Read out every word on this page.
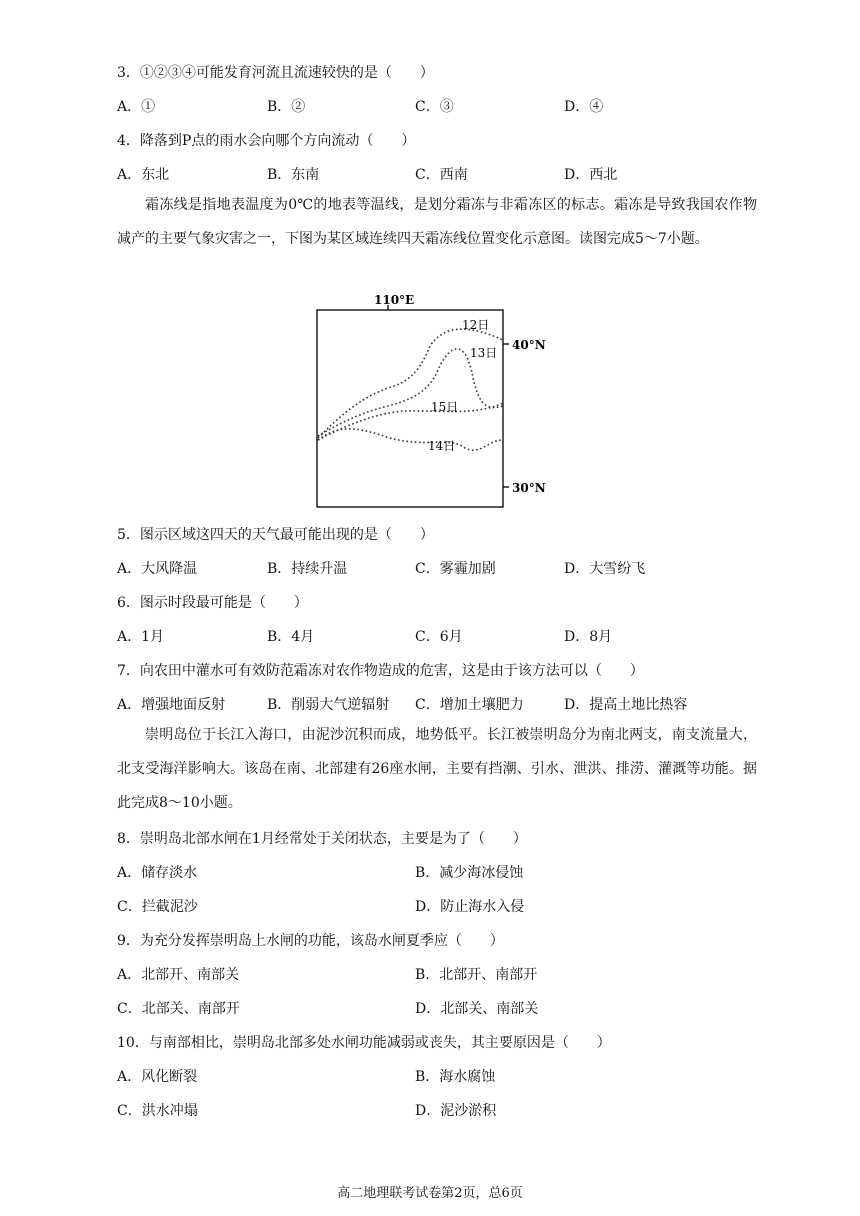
3．①②③④可能发育河流且流速较快的是（　　）
A．①	B．②	C．③	D．④
4．降落到P点的雨水会向哪个方向流动（　　）
A．东北	B．东南	C．西南	D．西北

霜冻线是指地表温度为0℃的地表等温线，是划分霜冻与非霜冻区的标志。霜冻是导致我国农作物减产的主要气象灾害之一，下图为某区域连续四天霜冻线位置变化示意图。读图完成5～7小题。

110°E
40°N
30°N
12日
13日
15日
14日
5．图示区域这四天的天气最可能出现的是（　　）
A．大风降温	B．持续升温	C．雾霾加剧	D．大雪纷飞
6．图示时段最可能是（　　）
A．1月	B．4月	C．6月	D．8月
7．向农田中灌水可有效防范霜冻对农作物造成的危害，这是由于该方法可以（　　）
A．增强地面反射	B．削弱大气逆辐射 C．增加土壤肥力	D．提高土地比热容

崇明岛位于长江入海口，由泥沙沉积而成，地势低平。长江被崇明岛分为南北两支，南支流量大，北支受海洋影响大。该岛在南、北部建有26座水闸，主要有挡潮、引水、泄洪、排涝、灌溉等功能。据此完成8～10小题。

8．崇明岛北部水闸在1月经常处于关闭状态，主要是为了（　　）
A．储存淡水	B．减少海冰侵蚀
C．拦截泥沙	D．防止海水入侵
9．为充分发挥崇明岛上水闸的功能，该岛水闸夏季应（　　）
A．北部开、南部关	B．北部开、南部开
C．北部关、南部开	D．北部关、南部关
10．与南部相比，崇明岛北部多处水闸功能减弱或丧失，其主要原因是（　　）
A．风化断裂	B．海水腐蚀
C．洪水冲塌	D．泥沙淤积
高二地理联考试卷第2页，总6页
